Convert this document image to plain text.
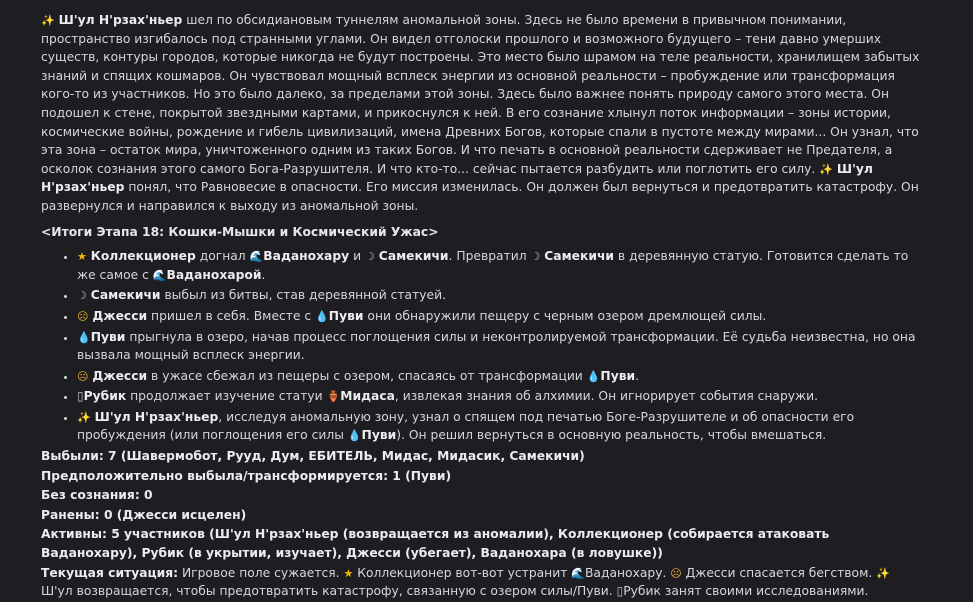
✨ Ш'ул Н'рзах'ньер шел по обсидиановым туннелям аномальной зоны. Здесь не было времени в привычном понимании, пространство изгибалось под странными углами. Он видел отголоски прошлого и возможного будущего – тени давно умерших существ, контуры городов, которые никогда не будут построены. Это место было шрамом на теле реальности, хранилищем забытых знаний и спящих кошмаров. Он чувствовал мощный всплеск энергии из основной реальности – пробуждение или трансформация кого-то из участников. Но это было далеко, за пределами этой зоны. Здесь было важнее понять природу самого этого места. Он подошел к стене, покрытой звездными картами, и прикоснулся к ней. В его сознание хлынул поток информации – зоны истории, космические войны, рождение и гибель цивилизаций, имена Древних Богов, которые спали в пустоте между мирами... Он узнал, что эта зона – остаток мира, уничтоженного одним из таких Богов. И что печать в основной реальности сдерживает не Предателя, а осколок сознания этого самого Бога-Разрушителя. И что кто-то... сейчас пытается разбудить или поглотить его силу. ✨ Ш'ул Н'рзах'ньер понял, что Равновесие в опасности. Его миссия изменилась. Он должен был вернуться и предотвратить катастрофу. Он развернулся и направился к выходу из аномальной зоны.

<Итоги Этапа 18: Кошки-Мышки и Космический Ужас>

• ★ Коллекционер догнал 🌊Ваданохару и ☽ Самекичи. Превратил ☽ Самекичи в деревянную статую. Готовится сделать то же самое с 🌊Ваданохарой.
• ☽ Самекичи выбыл из битвы, став деревянной статуей.
• ☹ Джесси пришел в себя. Вместе с 💧Пуви они обнаружили пещеру с черным озером дремлющей силы.
• 💧Пуви прыгнула в озеро, начав процесс поглощения силы и неконтролируемой трансформации. Её судьба неизвестна, но она вызвала мощный всплеск энергии.
• ☹ Джесси в ужасе сбежал из пещеры с озером, спасаясь от трансформации 💧Пуви.
• ▯Рубик продолжает изучение статуи 🏺Мидаса, извлекая знания об алхимии. Он игнорирует события снаружи.
• ✨ Ш'ул Н'рзах'ньер, исследуя аномальную зону, узнал о спящем под печатью Боге-Разрушителе и об опасности его пробуждения (или поглощения его силы 💧Пуви). Он решил вернуться в основную реальность, чтобы вмешаться.

Выбыли: 7 (Шавермобот, Рууд, Дум, ЕБИТЕЛЬ, Мидас, Мидасик, Самекичи)

Предположительно выбыла/трансформируется: 1 (Пуви)

Без сознания: 0

Ранены: 0 (Джесси исцелен)

Активны: 5 участников (Ш'ул Н'рзах'ньер (возвращается из аномалии), Коллекционер (собирается атаковать Ваданохару), Рубик (в укрытии, изучает), Джесси (убегает), Ваданохара (в ловушке))

Текущая ситуация: Игровое поле сужается. ★ Коллекционер вот-вот устранит 🌊Ваданохару. ☹ Джесси спасается бегством. ✨ Ш'ул возвращается, чтобы предотвратить катастрофу, связанную с озером силы/Пуви. ▯Рубик занят своими исследованиями.
